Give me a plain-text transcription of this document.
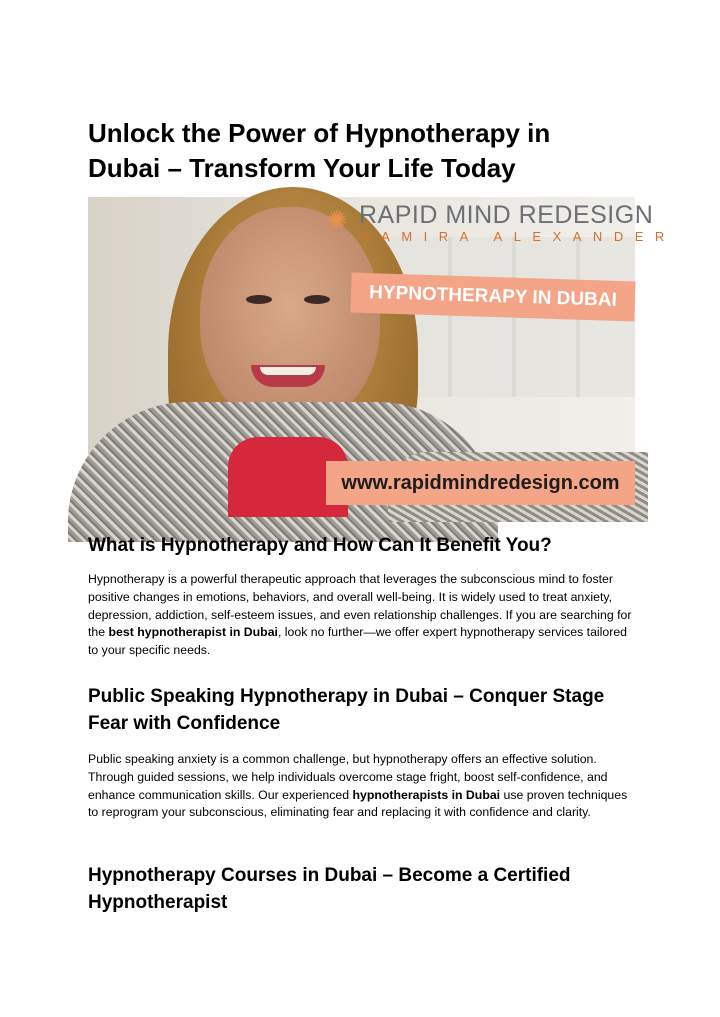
Unlock the Power of Hypnotherapy in
Dubai – Transform Your Life Today
✺ RAPID MIND REDESIGN
SAMIRA ALEXANDER
HYPNOTHERAPY IN DUBAI
www.rapidmindredesign.com
What is Hypnotherapy and How Can It Benefit You?

Hypnotherapy is a powerful therapeutic approach that leverages the subconscious mind to foster positive changes in emotions, behaviors, and overall well-being. It is widely used to treat anxiety, depression, addiction, self-esteem issues, and even relationship challenges. If you are searching for the best hypnotherapist in Dubai, look no further—we offer expert hypnotherapy services tailored to your specific needs.

Public Speaking Hypnotherapy in Dubai – Conquer Stage Fear with Confidence

Public speaking anxiety is a common challenge, but hypnotherapy offers an effective solution. Through guided sessions, we help individuals overcome stage fright, boost self-confidence, and enhance communication skills. Our experienced hypnotherapists in Dubai use proven techniques to reprogram your subconscious, eliminating fear and replacing it with confidence and clarity.

Hypnotherapy Courses in Dubai – Become a Certified Hypnotherapist
